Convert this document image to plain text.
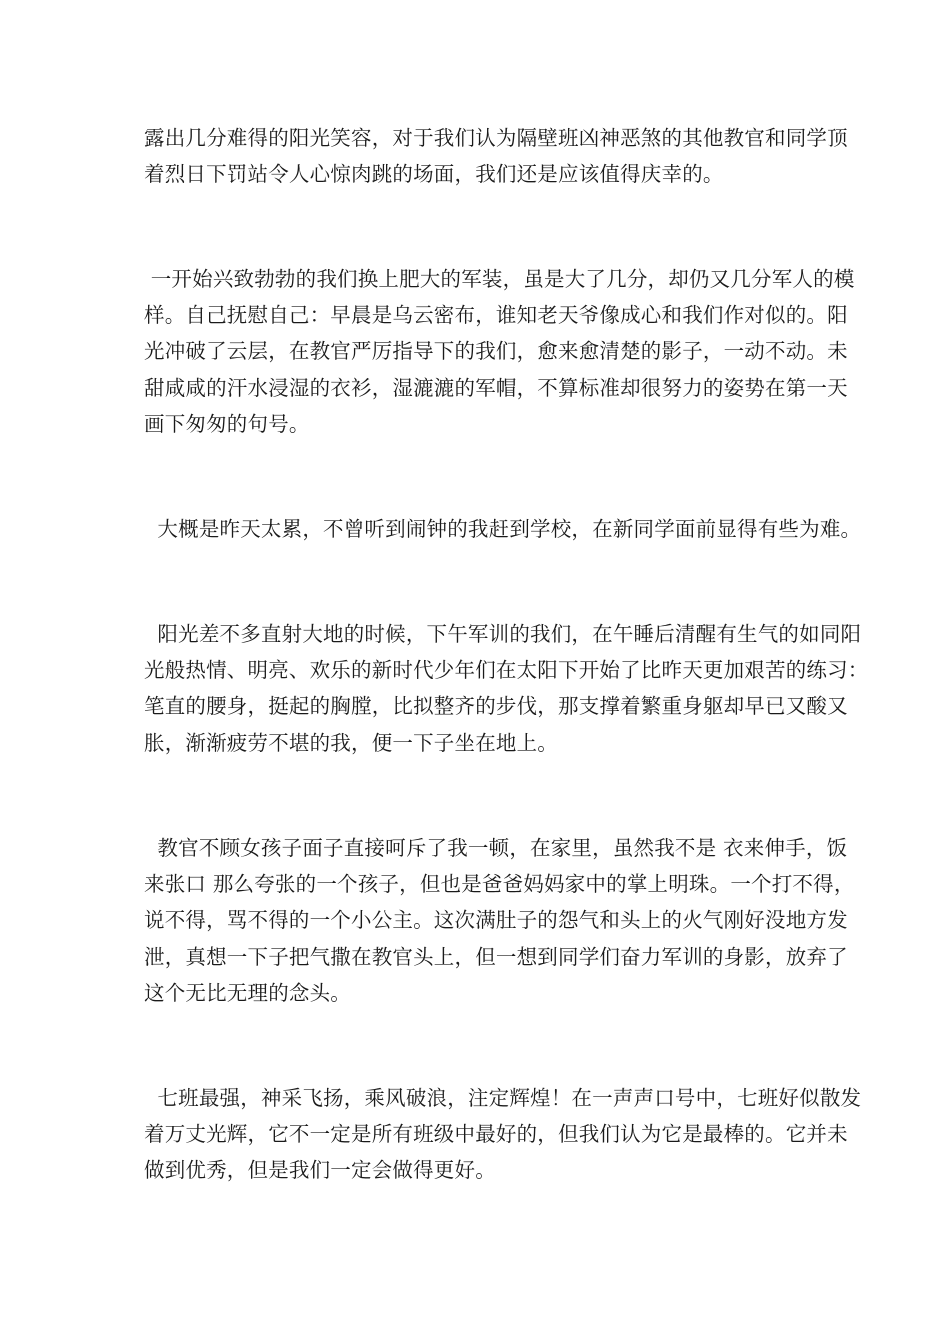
露出几分难得的阳光笑容，对于我们认为隔壁班凶神恶煞的其他教官和同学顶
着烈日下罚站令人心惊肉跳的场面，我们还是应该值得庆幸的。
一开始兴致勃勃的我们换上肥大的军装，虽是大了几分，却仍又几分军人的模
样。自己抚慰自己：早晨是乌云密布，谁知老天爷像成心和我们作对似的。阳
光冲破了云层，在教官严厉指导下的我们，愈来愈清楚的影子，一动不动。未
甜咸咸的汗水浸湿的衣衫，湿漉漉的军帽，不算标准却很努力的姿势在第一天
画下匆匆的句号。
大概是昨天太累，不曾听到闹钟的我赶到学校，在新同学面前显得有些为难。
阳光差不多直射大地的时候，下午军训的我们，在午睡后清醒有生气的如同阳
光般热情、明亮、欢乐的新时代少年们在太阳下开始了比昨天更加艰苦的练习：
笔直的腰身，挺起的胸膛，比拟整齐的步伐，那支撑着繁重身躯却早已又酸又
胀，渐渐疲劳不堪的我，便一下子坐在地上。
教官不顾女孩子面子直接呵斥了我一顿，在家里，虽然我不是 衣来伸手，饭
来张口 那么夸张的一个孩子，但也是爸爸妈妈家中的掌上明珠。一个打不得，
说不得，骂不得的一个小公主。这次满肚子的怨气和头上的火气刚好没地方发
泄，真想一下子把气撒在教官头上，但一想到同学们奋力军训的身影，放弃了
这个无比无理的念头。
七班最强，神采飞扬，乘风破浪，注定辉煌！在一声声口号中，七班好似散发
着万丈光辉，它不一定是所有班级中最好的，但我们认为它是最棒的。它并未
做到优秀，但是我们一定会做得更好。
